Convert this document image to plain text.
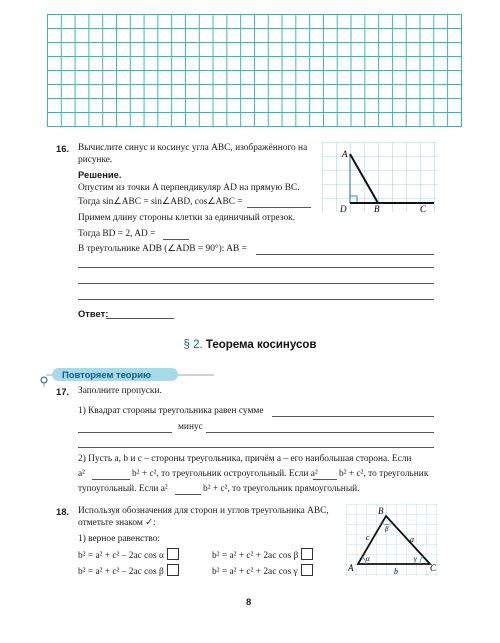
16. Вычислите синус и косинус угла ABC, изображённого на
рисунке.
Решение.
Опустим из точки A перпендикуляр AD на прямую BC.
Тогда sin∠ABC = sin∠ABD, cos∠ABC =
Примем длину стороны клетки за единичный отрезок.
Тогда BD = 2, AD =
В треугольнике ADB (∠ADB = 90°): AB =
Ответ:
A
D	B	C
§ 2. Теорема косинусов
Повторяем теорию
17. Заполните пропуски.
1) Квадрат стороны треугольника равен сумме
минус
2) Пусть a, b и c – стороны треугольника, причём a – его наибольшая сторона. Если
a²	b² + c², то треугольник остроугольный. Если a² b² + c², то треугольник
тупоугольный. Если a²	b² + c², то треугольник прямоугольный.
18. Используя обозначения для сторон и углов треугольника ABC,
отметьте знаком ✓:
1) верное равенство:
b² = a² + c² – 2ac cos α	b² = a² + c² + 2ac cos β
b² = a² + c² – 2ac cos β	b² = a² + c² + 2ac cos γ	A
B
C
a
b
c
α
β
γ
8
